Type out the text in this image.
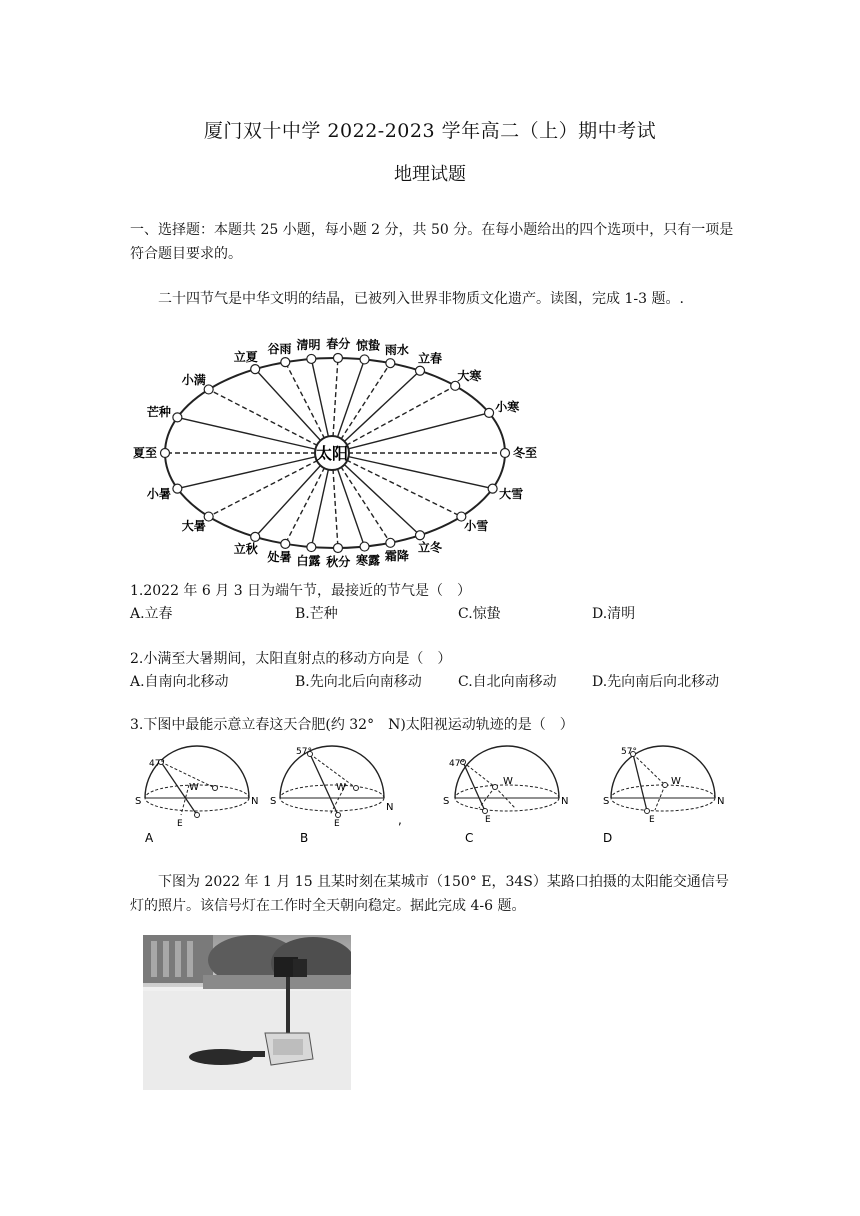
厦门双十中学 2022-2023 学年高二（上）期中考试
地理试题
一、选择题：本题共 25 小题，每小题 2 分，共 50 分。在每小题给出的四个选项中，只有一项是符合题目要求的。
二十四节气是中华文明的结晶，已被列入世界非物质文化遗产。读图，完成 1-3 题。.
立夏
谷雨 清明 春分 惊蛰 雨水
立春
大寒
小寒
冬至
大雪
小雪
立冬
霜降
寒露
秋分
白露
处暑
立秋
大暑
小暑
夏至
芒种
小满
太阳
1.2022 年 6 月 3 日为端午节，最接近的节气是（　）
A.立春	B.芒种	C.惊蛰	D.清明
2.小满至大暑期间，太阳直射点的移动方向是（　）
A.自南向北移动	B.先向北后向南移动	C.自北向南移动	D.先向南后向北移动
3.下图中最能示意立春这天合肥(约 32°　N)太阳视运动轨迹的是（　）
47°
W
S	N
E
A
57°
W
S
N
E	,
B
47°
W
S	N
E
C
57°
W
S	N
E
D
下图为 2022 年 1 月 15 且某时刻在某城市（150° E，34S）某路口拍摄的太阳能交通信号灯的照片。该信号灯在工作时全天朝向稳定。据此完成 4-6 题。
